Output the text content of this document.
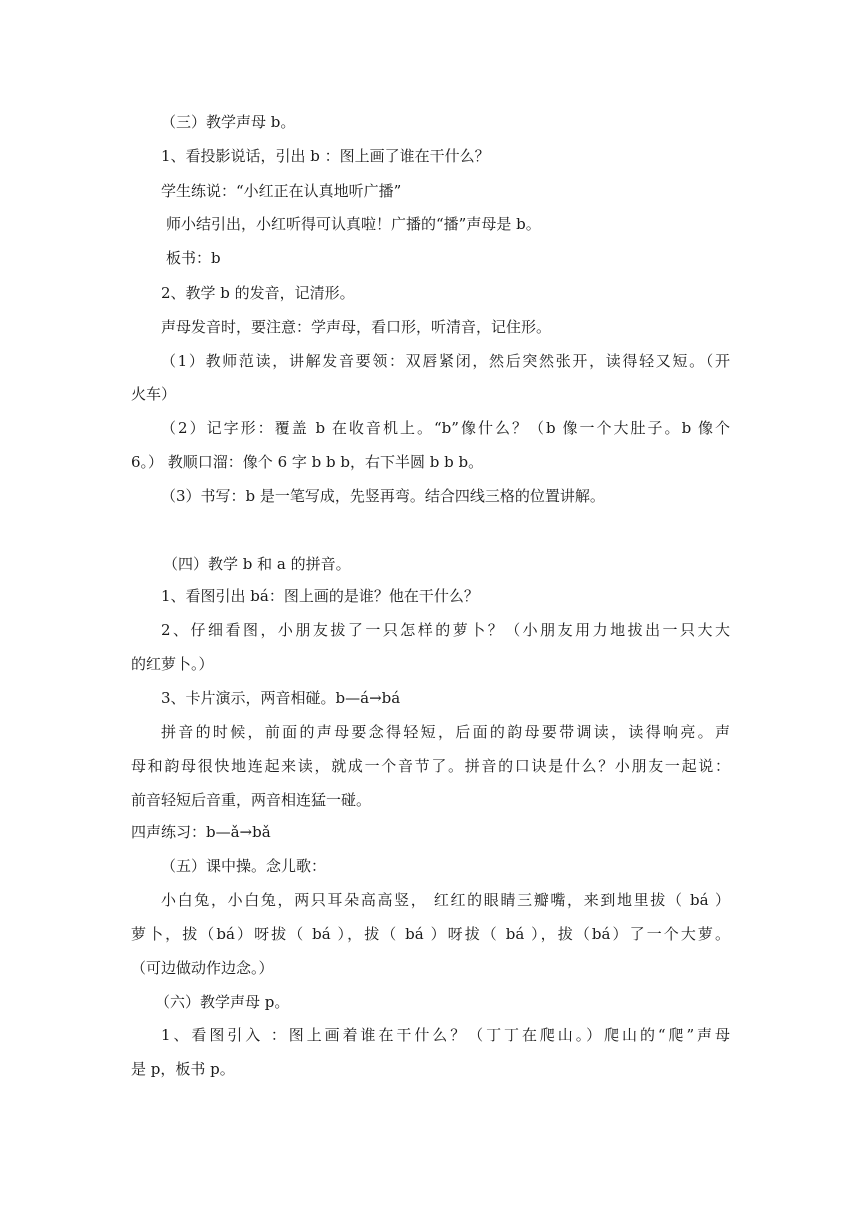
（三）教学声母 b。
1、看投影说话，引出 b ：图上画了谁在干什么？
学生练说：“小红正在认真地听广播”
师小结引出，小红听得可认真啦！广播的“播”声母是 b。
板书：b
2、教学 b 的发音，记清形。
声母发音时，要注意：学声母，看口形，听清音，记住形。
（1）教师范读，讲解发音要领：双唇紧闭，然后突然张开，读得轻又短。（开
火车）
（2）记字形：覆盖 b 在收音机上。“b”像什么？（b 像一个大肚子。b 像个
6。） 教顺口溜：像个 6 字 b b b，右下半圆 b b b。
（3）书写：b 是一笔写成，先竖再弯。结合四线三格的位置讲解。
（四）教学 b 和 a 的拼音。
1、看图引出 bá：图上画的是谁？他在干什么？
2、仔细看图，小朋友拔了一只怎样的萝卜？（小朋友用力地拔出一只大大
的红萝卜。）
3、卡片演示，两音相碰。b—á→bá
拼音的时候，前面的声母要念得轻短，后面的韵母要带调读，读得响亮。声
母和韵母很快地连起来读，就成一个音节了。拼音的口诀是什么？小朋友一起说：
前音轻短后音重，两音相连猛一碰。
四声练习：b—ǎ→bǎ
（五）课中操。念儿歌：
小白兔，小白兔，两只耳朵高高竖， 红红的眼睛三瓣嘴，来到地里拔（ bá ）
萝卜，拔（bá）呀拔（ bá ），拔（ bá ）呀拔（ bá ），拔（bá）了一个大萝。
（可边做动作边念。）
（六）教学声母 p。
1、看图引入 ：图上画着谁在干什么？（丁丁在爬山。）爬山的“爬”声母
是 p，板书 p。
